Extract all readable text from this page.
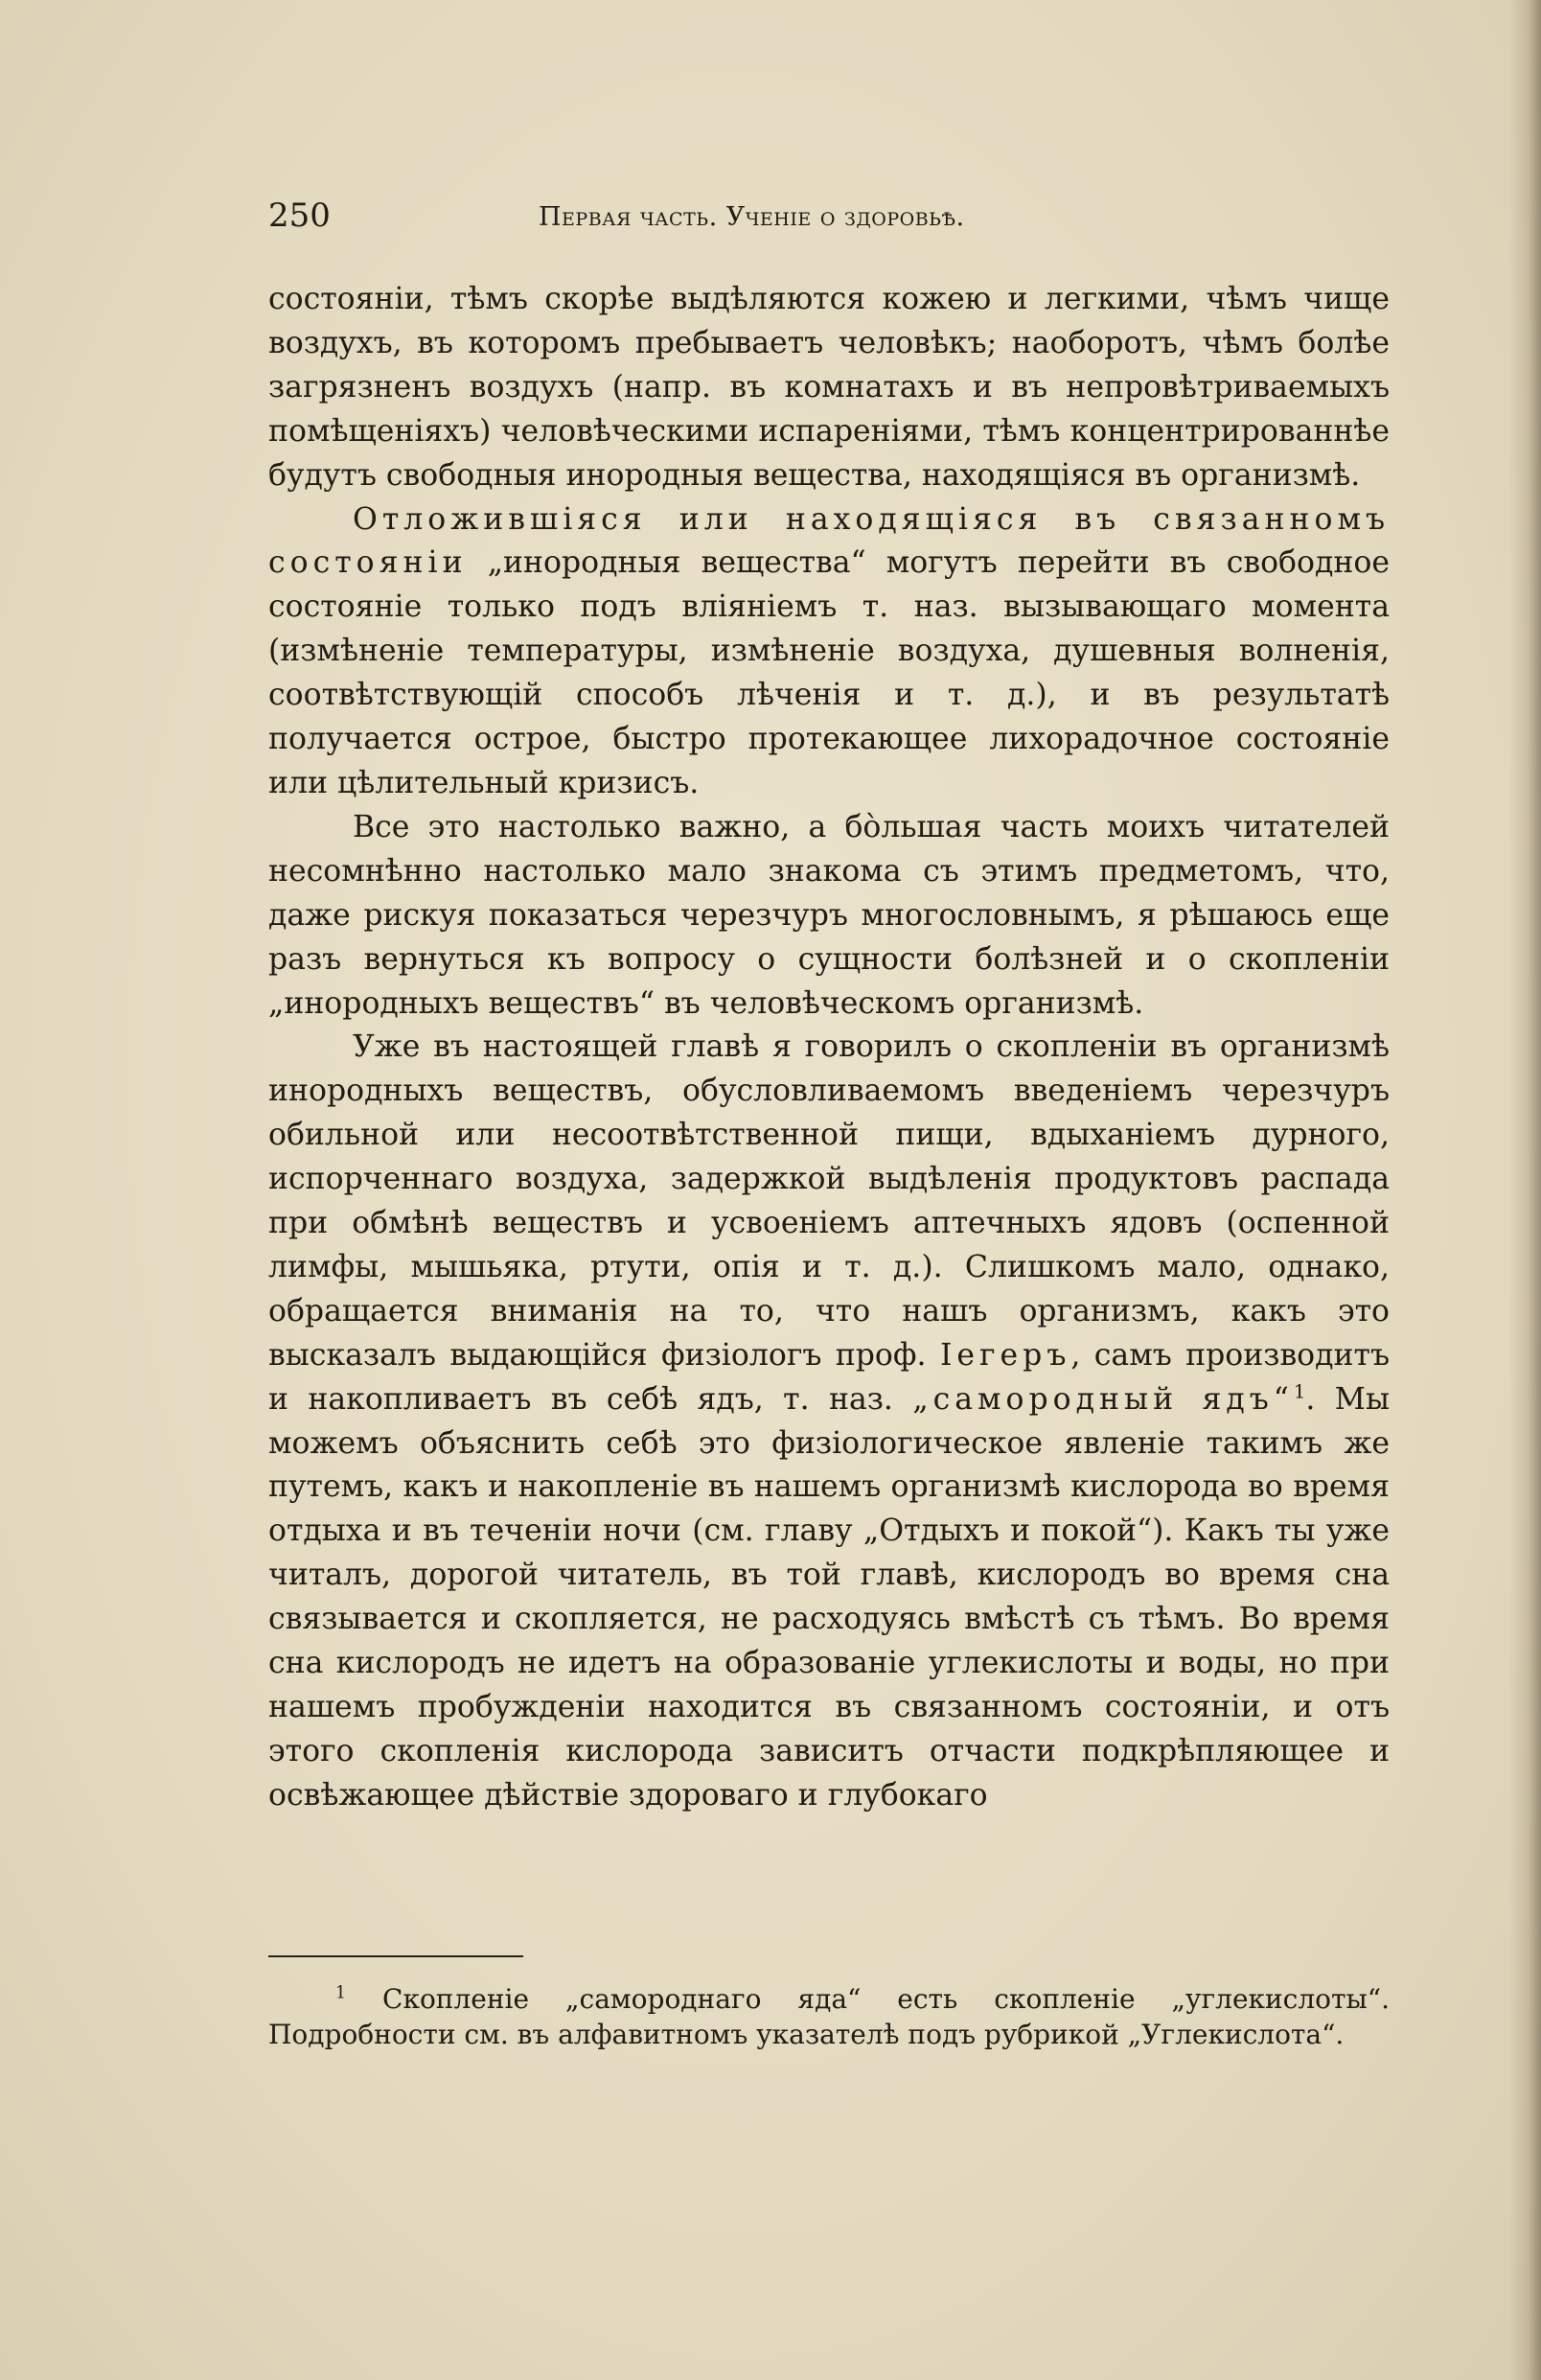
250	Первая часть. Ученіе о здоровьѣ.

состояніи, тѣмъ скорѣе выдѣляются кожею и легкими, чѣмъ чище воздухъ, въ которомъ пребываетъ человѣкъ; наоборотъ, чѣмъ болѣе загрязненъ воздухъ (напр. въ комнатахъ и въ непровѣтриваемыхъ помѣщеніяхъ) человѣческими испареніями, тѣмъ концентрированнѣе будутъ свободныя инородныя вещества, находящіяся въ организмѣ.

Отложившіяся или находящіяся въ связанномъ состояніи „инородныя вещества“ могутъ перейти въ свободное состояніе только подъ вліяніемъ т. наз. вызывающаго момента (измѣненіе температуры, измѣненіе воздуха, душевныя волненія, соотвѣтствующій способъ лѣченія и т. д.), и въ результатѣ получается острое, быстро протекающее лихорадочное состояніе или цѣлительный кризисъ.

Все это настолько важно, а бо̀льшая часть моихъ читателей несомнѣнно настолько мало знакома съ этимъ предметомъ, что, даже рискуя показаться черезчуръ многословнымъ, я рѣшаюсь еще разъ вернуться къ вопросу о сущности болѣзней и о скопленіи „инородныхъ веществъ“ въ человѣческомъ организмѣ.

Уже въ настоящей главѣ я говорилъ о скопленіи въ организмѣ инородныхъ веществъ, обусловливаемомъ введеніемъ черезчуръ обильной или несоотвѣтственной пищи, вдыханіемъ дурного, испорченнаго воздуха, задержкой выдѣленія продуктовъ распада при обмѣнѣ веществъ и усвоеніемъ аптечныхъ ядовъ (оспенной лимфы, мышьяка, ртути, опія и т. д.). Слишкомъ мало, однако, обращается вниманія на то, что нашъ организмъ, какъ это высказалъ выдающійся физіологъ проф. Iегеръ, самъ производитъ и накопливаетъ въ себѣ ядъ, т. наз. „самородный ядъ“$^1$. Мы можемъ объяснить себѣ это физіологическое явленіе такимъ же путемъ, какъ и накопленіе въ нашемъ организмѣ кислорода во время отдыха и въ теченіи ночи (см. главу „Отдыхъ и покой“). Какъ ты уже читалъ, дорогой читатель, въ той главѣ, кислородъ во время сна связывается и скопляется, не расходуясь вмѣстѣ съ тѣмъ. Во время сна кислородъ не идетъ на образованіе углекислоты и воды, но при нашемъ пробужденіи находится въ связанномъ состояніи, и отъ этого скопленія кислорода зависитъ отчасти подкрѣпляющее и освѣжающее дѣйствіе здороваго и глубокаго

$^1$ Скопленіе „самороднаго яда“ есть скопленіе „углекислоты“. Подробности см. въ алфавитномъ указателѣ подъ рубрикой „Углекислота“.
